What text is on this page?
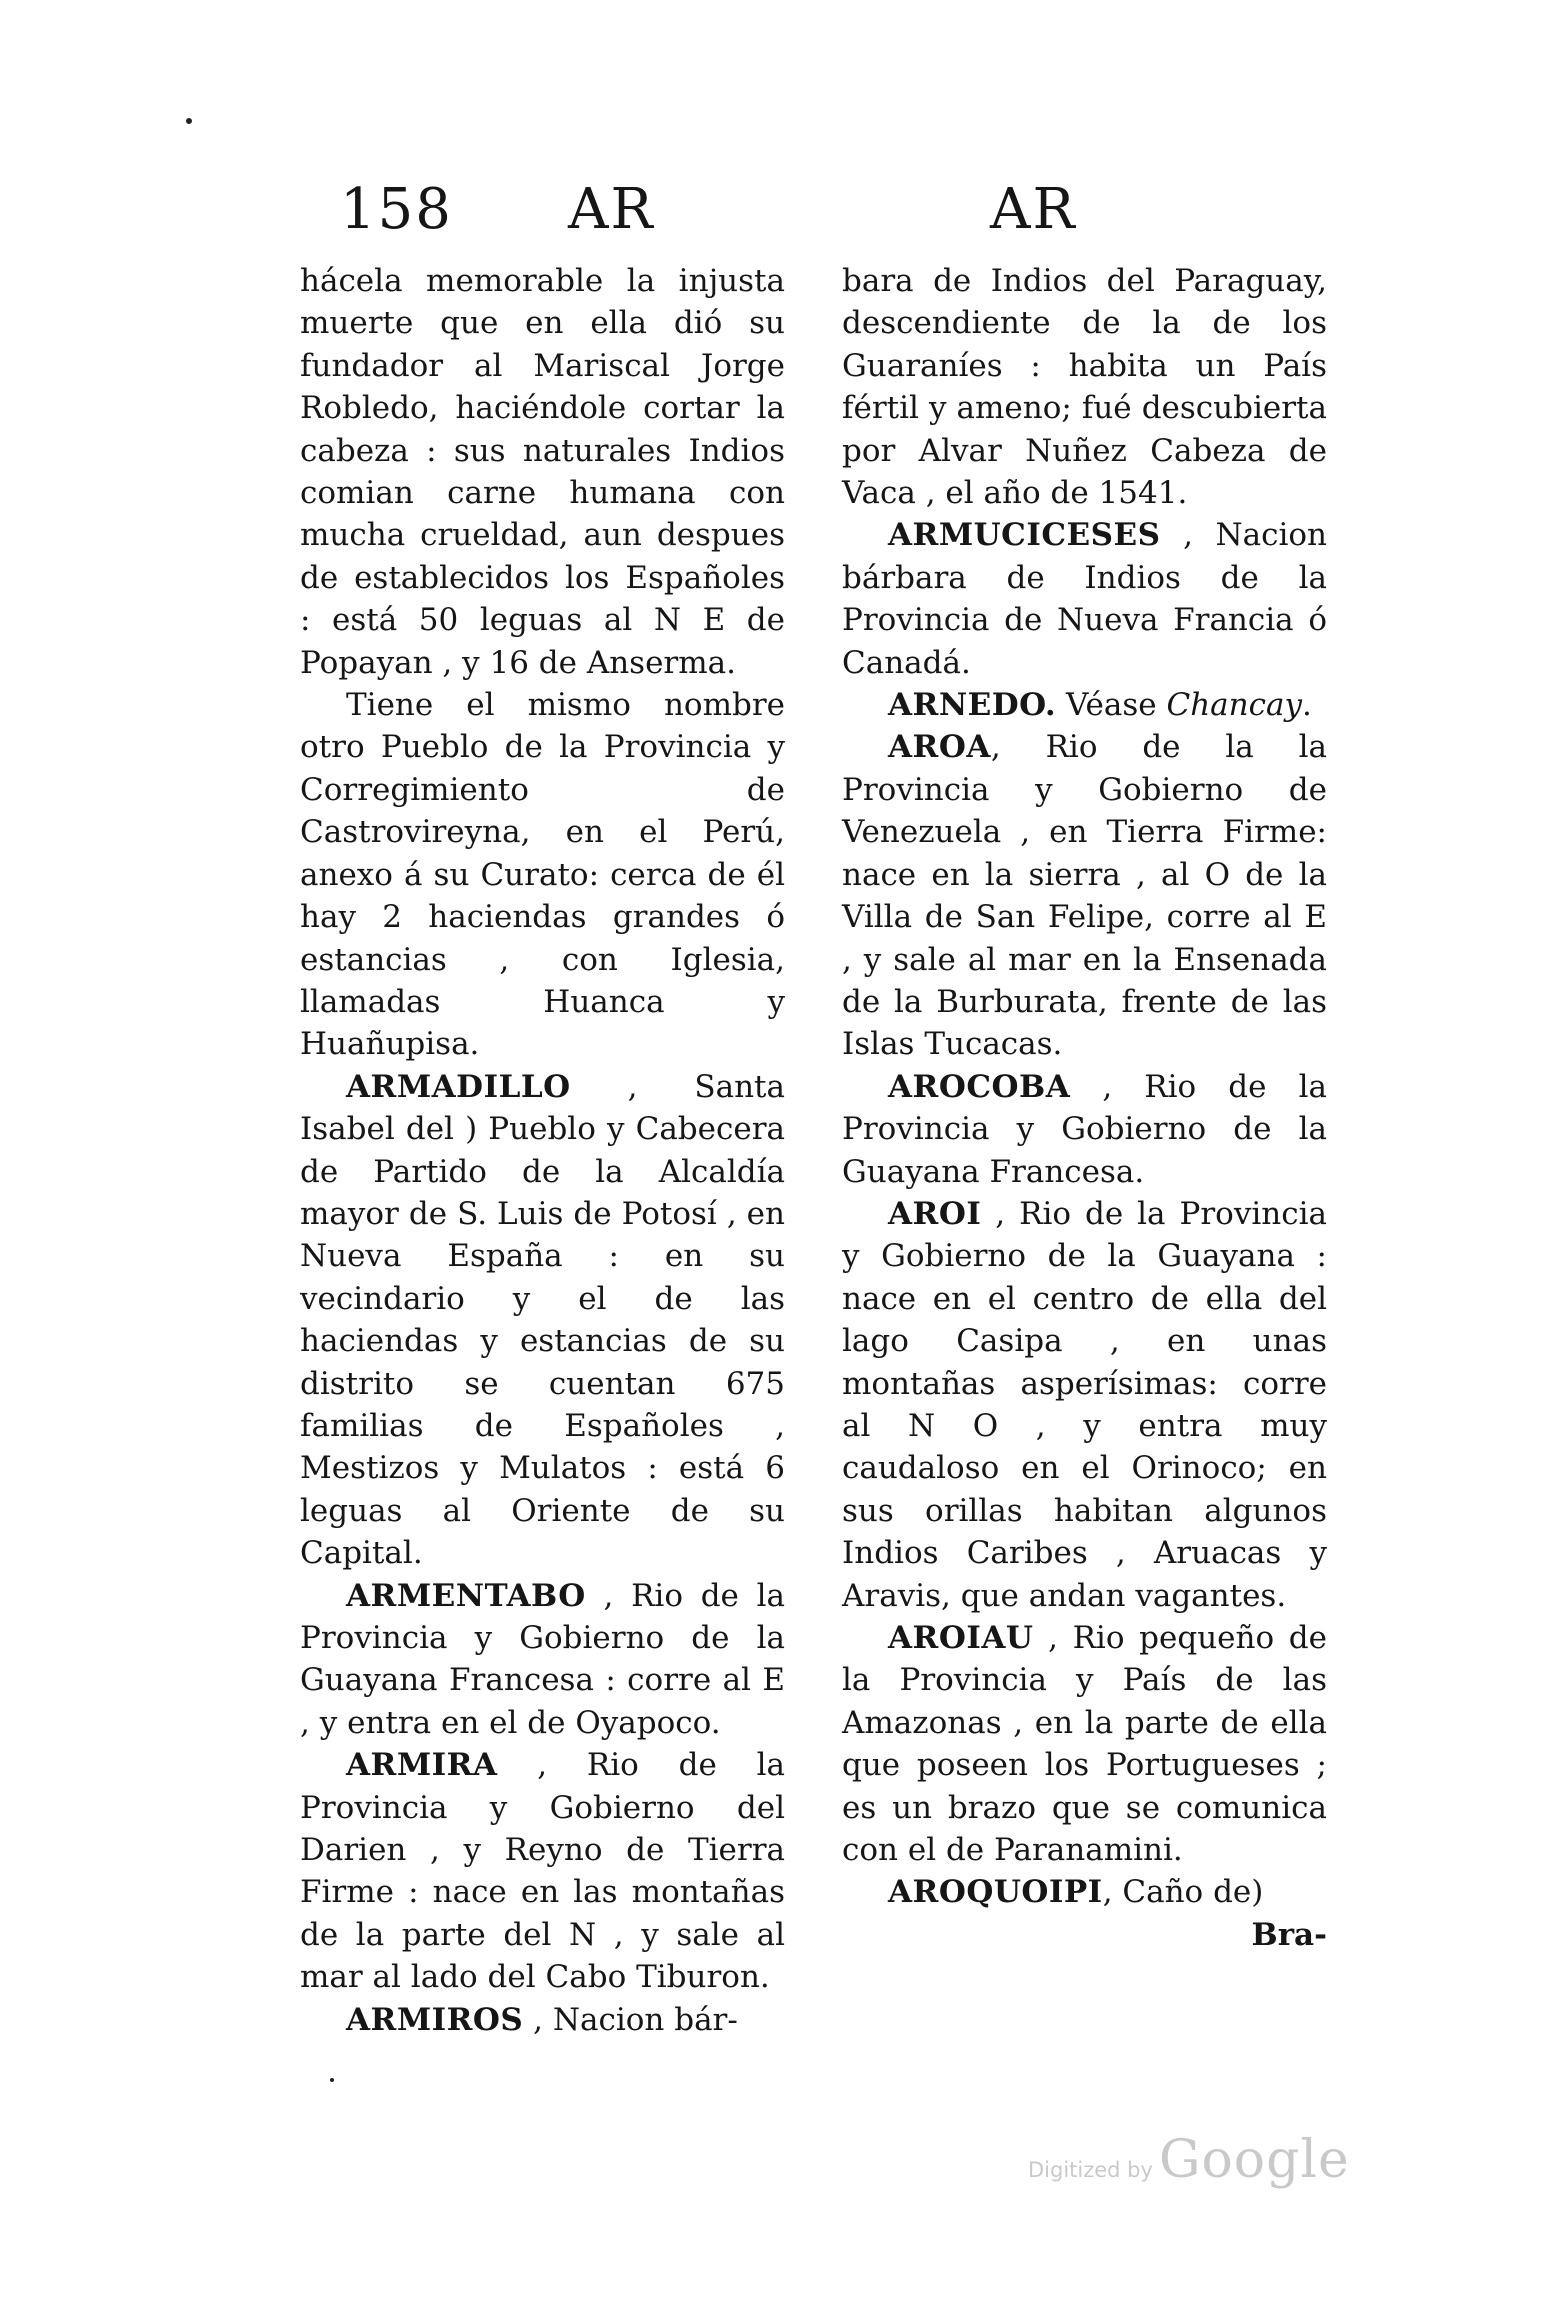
158 AR	AR

hácela memorable la injusta muerte que en ella dió su fundador al Mariscal Jorge Robledo, haciéndole cortar la cabeza : sus naturales Indios comian carne humana con mucha crueldad, aun despues de establecidos los Españoles : está 50 leguas al N E de Popayan , y 16 de Anserma.

Tiene el mismo nombre otro Pueblo de la Provincia y Corregimiento de Castrovireyna, en el Perú, anexo á su Curato: cerca de él hay 2 haciendas grandes ó estancias , con Iglesia, llamadas Huanca y Huañupisa.

ARMADILLO , Santa Isabel del ) Pueblo y Cabecera de Partido de la Alcaldía mayor de S. Luis de Potosí , en Nueva España : en su vecindario y el de las haciendas y estancias de su distrito se cuentan 675 familias de Españoles , Mestizos y Mulatos : está 6 leguas al Oriente de su Capital.

ARMENTABO , Rio de la Provincia y Gobierno de la Guayana Francesa : corre al E , y entra en el de Oyapoco.

ARMIRA , Rio de la Provincia y Gobierno del Darien , y Reyno de Tierra Firme : nace en las montañas de la parte del N , y sale al mar al lado del Cabo Tiburon.

ARMIROS , Nacion bár-

bara de Indios del Paraguay, descendiente de la de los Guaraníes : habita un País fértil y ameno; fué descubierta por Alvar Nuñez Cabeza de Vaca , el año de 1541.

ARMUCICESES , Nacion bárbara de Indios de la Provincia de Nueva Francia ó Canadá.

ARNEDO. Véase Chancay.

AROA, Rio de la la Provincia y Gobierno de Venezuela , en Tierra Firme: nace en la sierra , al O de la Villa de San Felipe, corre al E , y sale al mar en la Ensenada de la Burburata, frente de las Islas Tucacas.

AROCOBA , Rio de la Provincia y Gobierno de la Guayana Francesa.

AROI , Rio de la Provincia y Gobierno de la Guayana : nace en el centro de ella del lago Casipa , en unas montañas asperísimas: corre al N O , y entra muy caudaloso en el Orinoco; en sus orillas habitan algunos Indios Caribes , Aruacas y Aravis, que andan vagantes.

AROIAU , Rio pequeño de la Provincia y País de las Amazonas , en la parte de ella que poseen los Portugueses ; es un brazo que se comunica con el de Paranamini.

AROQUOIPI, Caño de)

Bra-

Digitized by Google
